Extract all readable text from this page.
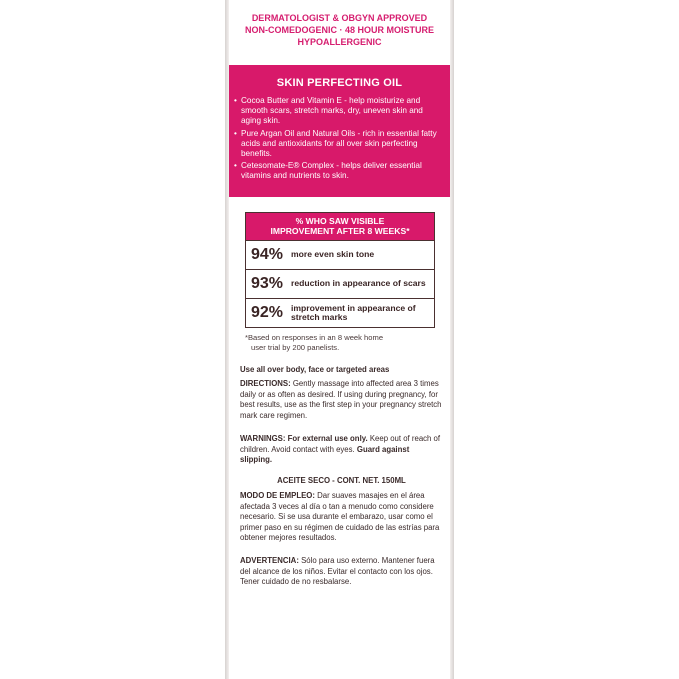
DERMATOLOGIST & OBGYN APPROVED
NON-COMEDOGENIC · 48 HOUR MOISTURE
HYPOALLERGENIC
SKIN PERFECTING OIL
• Cocoa Butter and Vitamin E - help moisturize and smooth scars, stretch marks, dry, uneven skin and aging skin.
• Pure Argan Oil and Natural Oils - rich in essential fatty acids and antioxidants for all over skin perfecting benefits.
• Cetesomate-E® Complex - helps deliver essential vitamins and nutrients to skin.
% WHO SAW VISIBLE
IMPROVEMENT AFTER 8 WEEKS*
94% more even skin tone
93% reduction in appearance of scars
92% improvement in appearance of stretch marks
*Based on responses in an 8 week home
user trial by 200 panelists.
Use all over body, face or targeted areas
DIRECTIONS: Gently massage into affected area 3 times daily or as often as desired. If using during pregnancy, for best results, use as the first step in your pregnancy stretch mark care regimen.
WARNINGS: For external use only. Keep out of reach of children. Avoid contact with eyes. Guard against slipping.
ACEITE SECO - CONT. NET. 150ML
MODO DE EMPLEO: Dar suaves masajes en el área afectada 3 veces al día o tan a menudo como considere necesario. Si se usa durante el embarazo, usar como el primer paso en su régimen de cuidado de las estrías para obtener mejores resultados.
ADVERTENCIA: Sólo para uso externo. Mantener fuera del alcance de los niños. Evitar el contacto con los ojos. Tener cuidado de no resbalarse.
